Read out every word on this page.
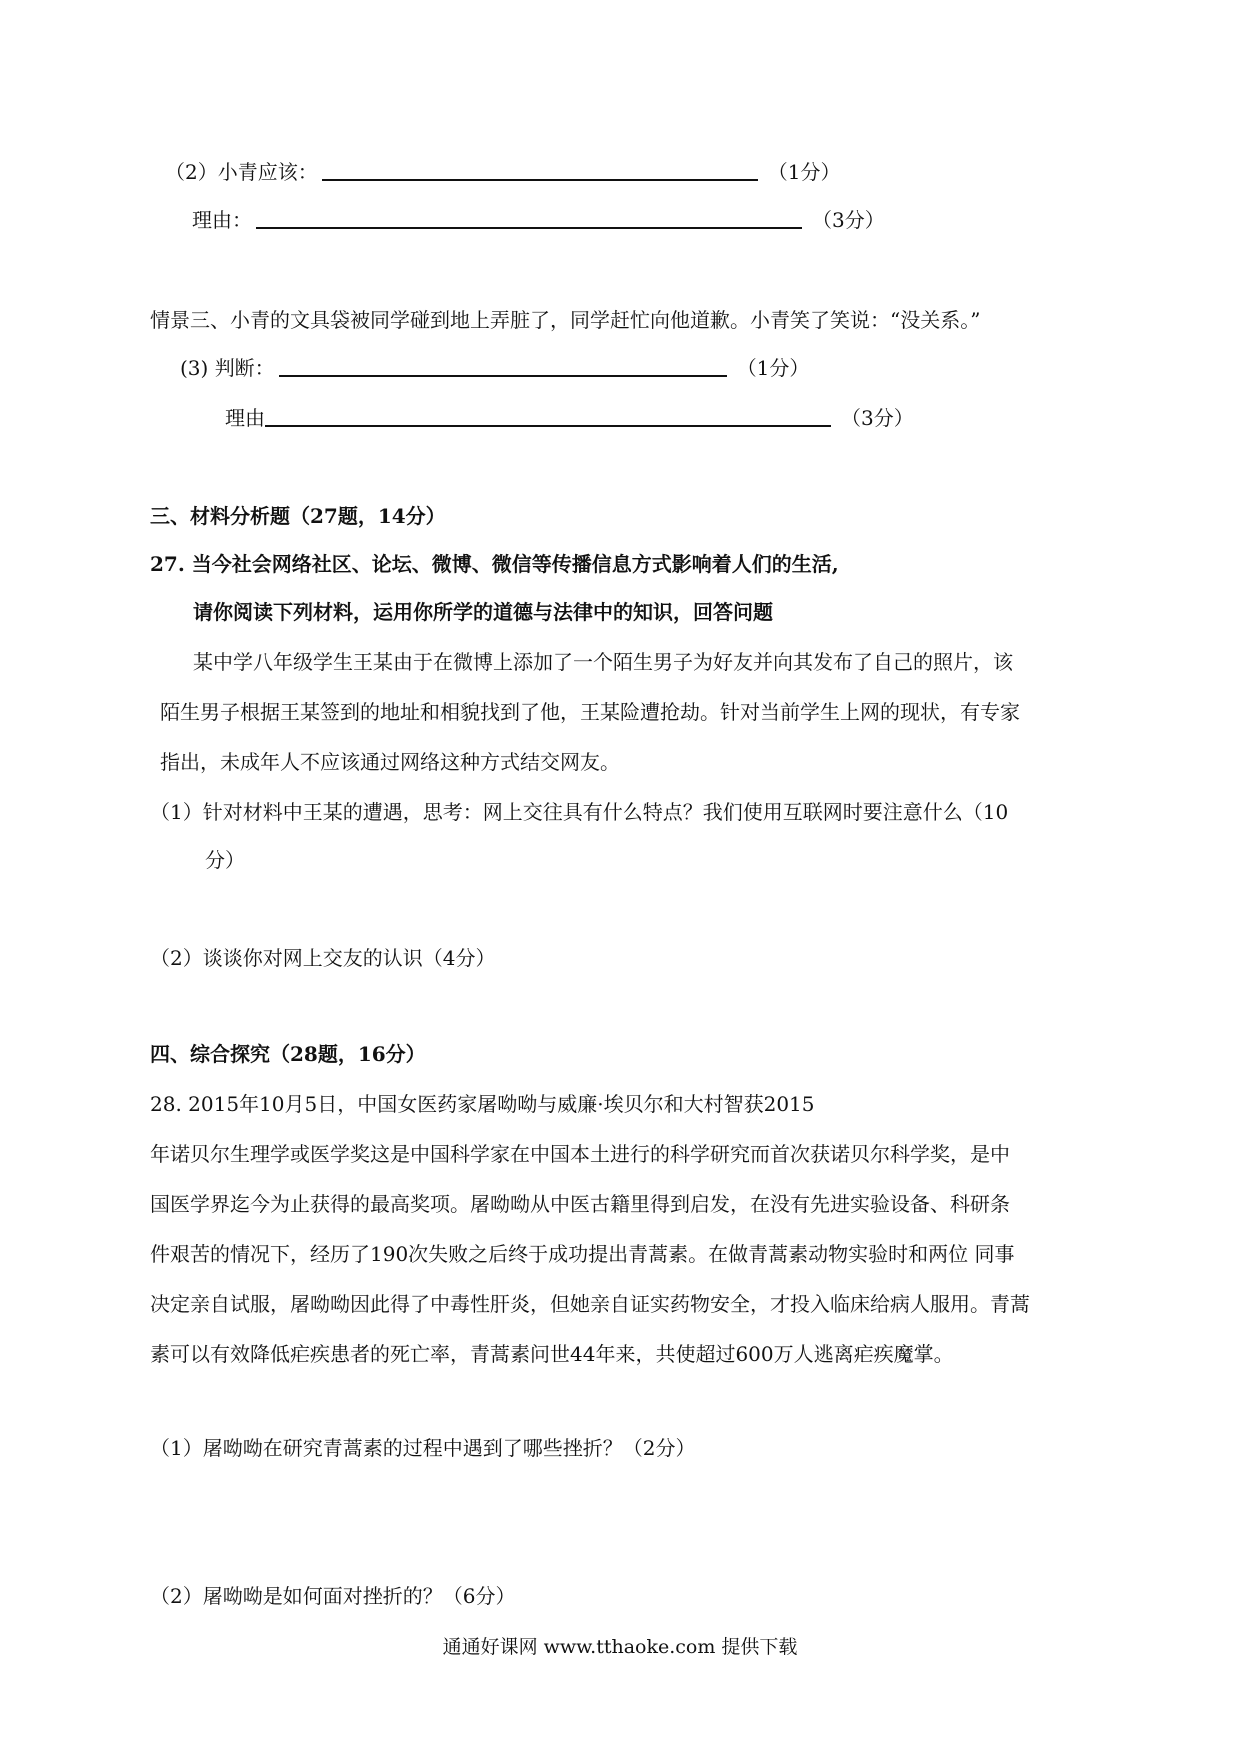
（2）小青应该：	（1分）
理由：	（3分）
情景三、小青的文具袋被同学碰到地上弄脏了，同学赶忙向他道歉。小青笑了笑说：“没关系。”
(3) 判断：	（1分）
理由	（3分）
三、材料分析题（27题，14分）
27. 当今社会网络社区、论坛、微博、微信等传播信息方式影响着人们的生活,
请你阅读下列材料，运用你所学的道德与法律中的知识，回答问题
某中学八年级学生王某由于在微博上添加了一个陌生男子为好友并向其发布了自己的照片，该
陌生男子根据王某签到的地址和相貌找到了他，王某险遭抢劫。针对当前学生上网的现状，有专家
指出，未成年人不应该通过网络这种方式结交网友。
（1）针对材料中王某的遭遇，思考：网上交往具有什么特点？我们使用互联网时要注意什么（10
分）
（2）谈谈你对网上交友的认识（4分）
四、综合探究（28题，16分）
28. 2015年10月5日，中国女医药家屠呦呦与威廉·埃贝尔和大村智获2015
年诺贝尔生理学或医学奖这是中国科学家在中国本土进行的科学研究而首次获诺贝尔科学奖，是中
国医学界迄今为止获得的最高奖项。屠呦呦从中医古籍里得到启发，在没有先进实验设备、科研条
件艰苦的情况下，经历了190次失败之后终于成功提出青蒿素。在做青蒿素动物实验时和两位 同事
决定亲自试服，屠呦呦因此得了中毒性肝炎，但她亲自证实药物安全，才投入临床给病人服用。青蒿
素可以有效降低疟疾患者的死亡率，青蒿素问世44年来，共使超过600万人逃离疟疾魔掌。
（1）屠呦呦在研究青蒿素的过程中遇到了哪些挫折？（2分）
（2）屠呦呦是如何面对挫折的？（6分）
通通好课网 www.tthaoke.com 提供下载
